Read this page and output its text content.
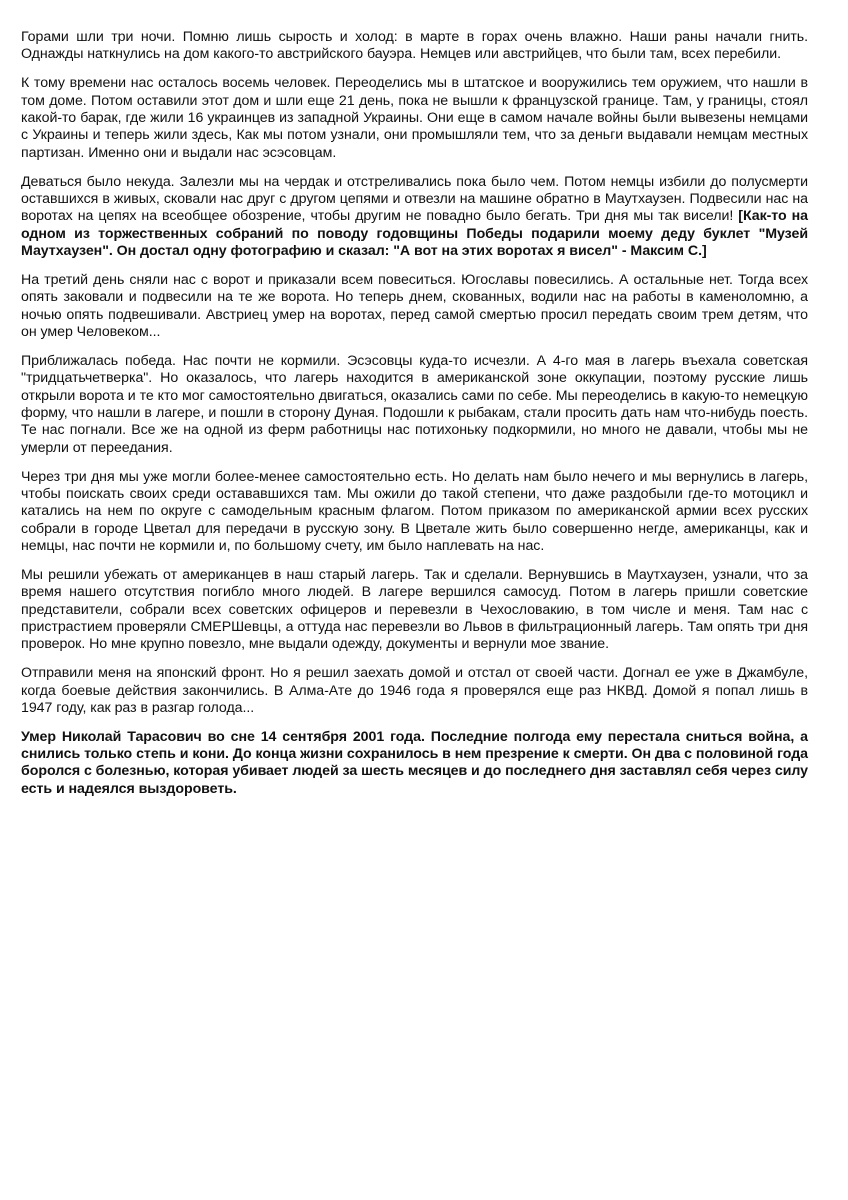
Горами шли три ночи. Помню лишь сырость и холод: в марте в горах очень влажно. Наши раны начали гнить. Однажды наткнулись на дом какого-то австрийского бауэра. Немцев или австрийцев, что были там, всех перебили.

К тому времени нас осталось восемь человек. Переоделись мы в штатское и вооружились тем оружием, что нашли в том доме. Потом оставили этот дом и шли еще 21 день, пока не вышли к французской границе. Там, у границы, стоял какой-то барак, где жили 16 украинцев из западной Украины. Они еще в самом начале войны были вывезены немцами с Украины и теперь жили здесь, Как мы потом узнали, они промышляли тем, что за деньги выдавали немцам местных партизан. Именно они и выдали нас эсэсовцам.

Деваться было некуда. Залезли мы на чердак и отстреливались пока было чем. Потом немцы избили до полусмерти оставшихся в живых, сковали нас друг с другом цепями и отвезли на машине обратно в Маутхаузен. Подвесили нас на воротах на цепях на всеобщее обозрение, чтобы другим не повадно было бегать. Три дня мы так висели! [Как-то на одном из торжественных собраний по поводу годовщины Победы подарили моему деду буклет "Музей Маутхаузен". Он достал одну фотографию и сказал: "А вот на этих воротах я висел" - Максим С.]

На третий день сняли нас с ворот и приказали всем повеситься. Югославы повесились. А остальные нет. Тогда всех опять заковали и подвесили на те же ворота. Но теперь днем, скованных, водили нас на работы в каменоломню, а ночью опять подвешивали. Австриец умер на воротах, перед самой смертью просил передать своим трем детям, что он умер Человеком...

Приближалась победа. Нас почти не кормили. Эсэсовцы куда-то исчезли. А 4-го мая в лагерь въехала советская "тридцатьчетверка". Но оказалось, что лагерь находится в американской зоне оккупации, поэтому русские лишь открыли ворота и те кто мог самостоятельно двигаться, оказались сами по себе. Мы переоделись в какую-то немецкую форму, что нашли в лагере, и пошли в сторону Дуная. Подошли к рыбакам, стали просить дать нам что-нибудь поесть. Те нас погнали. Все же на одной из ферм работницы нас потихоньку подкормили, но много не давали, чтобы мы не умерли от переедания.

Через три дня мы уже могли более-менее самостоятельно есть. Но делать нам было нечего и мы вернулись в лагерь, чтобы поискать своих среди остававшихся там. Мы ожили до такой степени, что даже раздобыли где-то мотоцикл и катались на нем по округе с самодельным красным флагом. Потом приказом по американской армии всех русских собрали в городе Цветал для передачи в русскую зону. В Цветале жить было совершенно негде, американцы, как и немцы, нас почти не кормили и, по большому счету, им было наплевать на нас.

Мы решили убежать от американцев в наш старый лагерь. Так и сделали. Вернувшись в Маутхаузен, узнали, что за время нашего отсутствия погибло много людей. В лагере вершился самосуд. Потом в лагерь пришли советские представители, собрали всех советских офицеров и перевезли в Чехословакию, в том числе и меня. Там нас с пристрастием проверяли СМЕРШевцы, а оттуда нас перевезли во Львов в фильтрационный лагерь. Там опять три дня проверок. Но мне крупно повезло, мне выдали одежду, документы и вернули мое звание.

Отправили меня на японский фронт. Но я решил заехать домой и отстал от своей части. Догнал ее уже в Джамбуле, когда боевые действия закончились. В Алма-Ате до 1946 года я проверялся еще раз НКВД. Домой я попал лишь в 1947 году, как раз в разгар голода...

Умер Николай Тарасович во сне 14 сентября 2001 года. Последние полгода ему перестала сниться война, а снились только степь и кони. До конца жизни сохранилось в нем презрение к смерти. Он два с половиной года боролся с болезнью, которая убивает людей за шесть месяцев и до последнего дня заставлял себя через силу есть и надеялся выздороветь.
